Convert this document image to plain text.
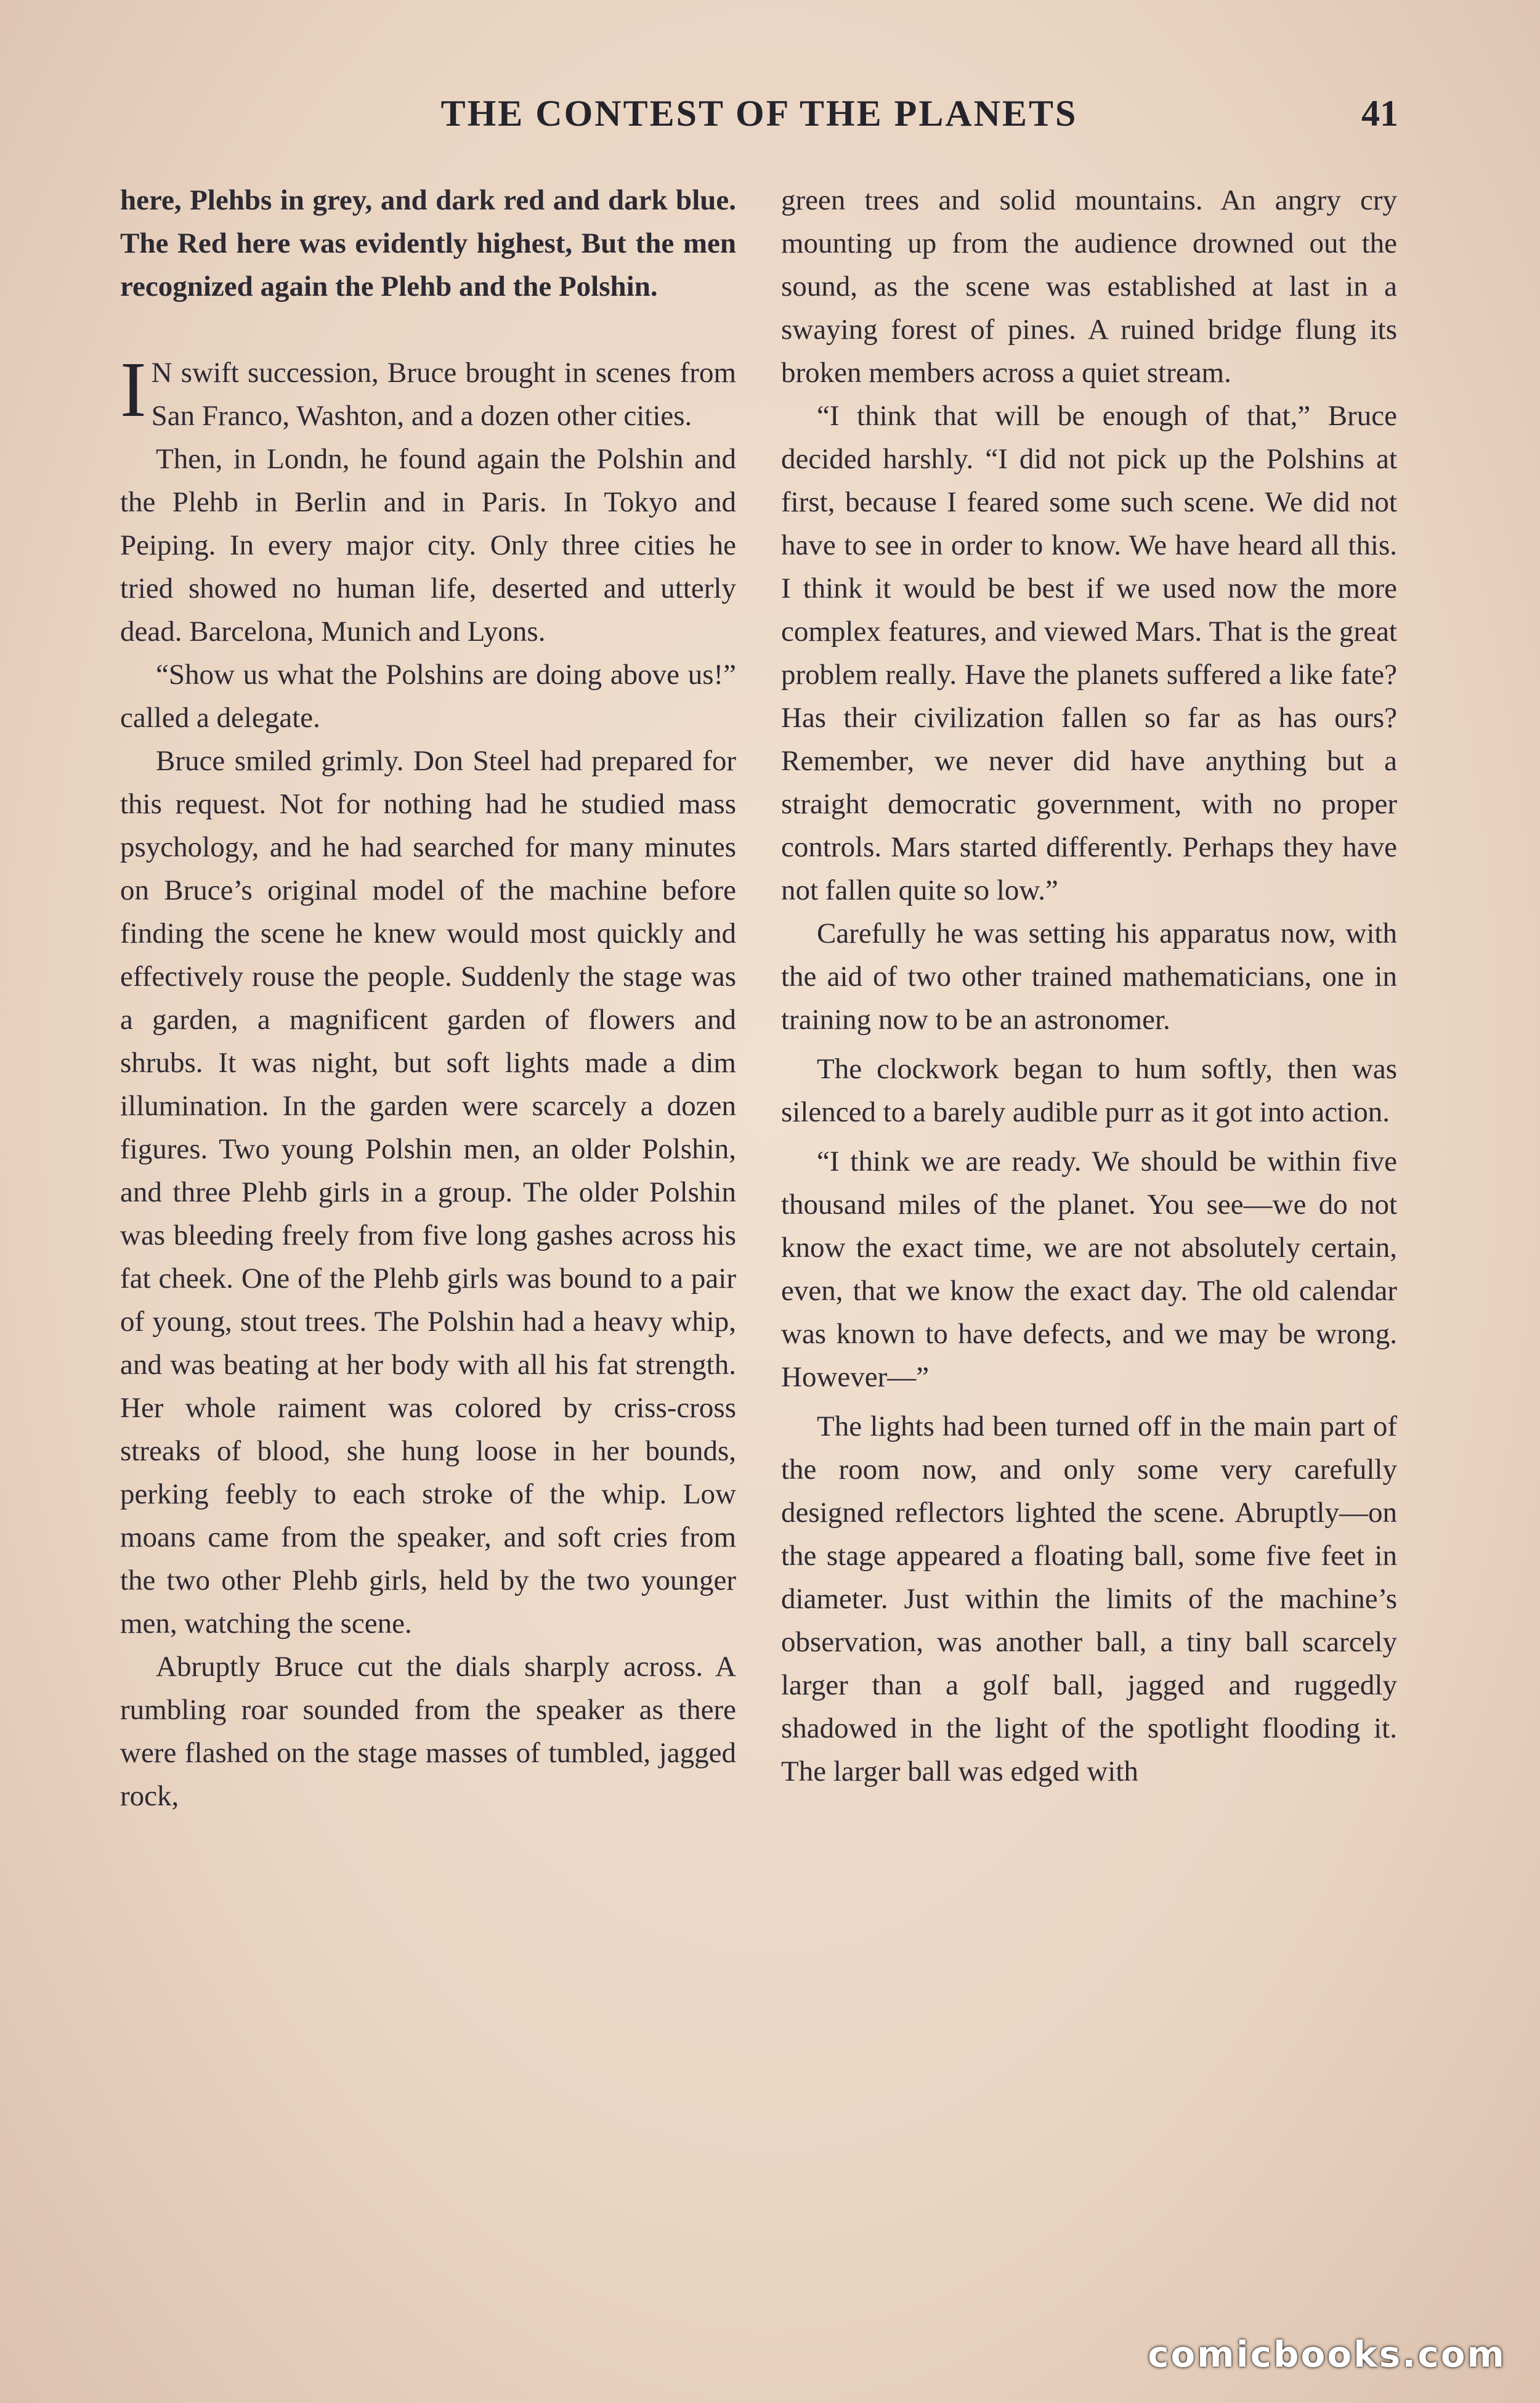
THE CONTEST OF THE PLANETS	41

here, Plehbs in grey, and dark red and dark blue. The Red here was evidently highest, But the men recognized again the Plehb and the Polshin.

I N swift succession, Bruce brought in scenes from San Franco, Washton, and a dozen other cities.

Then, in Londn, he found again the Polshin and the Plehb in Berlin and in Paris. In Tokyo and Peiping. In every major city. Only three cities he tried showed no human life, deserted and utterly dead. Barcelona, Munich and Lyons.

“Show us what the Polshins are doing above us!” called a delegate.

Bruce smiled grimly. Don Steel had prepared for this request. Not for nothing had he studied mass psychology, and he had searched for many minutes on Bruce’s original model of the machine before finding the scene he knew would most quickly and effectively rouse the people. Suddenly the stage was a garden, a magnificent garden of flowers and shrubs. It was night, but soft lights made a dim illumination. In the garden were scarcely a dozen figures. Two young Polshin men, an older Polshin, and three Plehb girls in a group. The older Polshin was bleeding freely from five long gashes across his fat cheek. One of the Plehb girls was bound to a pair of young, stout trees. The Polshin had a heavy whip, and was beating at her body with all his fat strength. Her whole raiment was colored by criss-cross streaks of blood, she hung loose in her bounds, perking feebly to each stroke of the whip. Low moans came from the speaker, and soft cries from the two other Plehb girls, held by the two younger men, watching the scene.

Abruptly Bruce cut the dials sharply across. A rumbling roar sounded from the speaker as there were flashed on the stage masses of tumbled, jagged rock,

green trees and solid mountains. An angry cry mounting up from the audience drowned out the sound, as the scene was established at last in a swaying forest of pines. A ruined bridge flung its broken members across a quiet stream.

“I think that will be enough of that,” Bruce decided harshly. “I did not pick up the Polshins at first, because I feared some such scene. We did not have to see in order to know. We have heard all this. I think it would be best if we used now the more complex features, and viewed Mars. That is the great problem really. Have the planets suffered a like fate? Has their civilization fallen so far as has ours? Remember, we never did have anything but a straight democratic government, with no proper controls. Mars started differently. Perhaps they have not fallen quite so low.”

Carefully he was setting his apparatus now, with the aid of two other trained mathematicians, one in training now to be an astronomer.

The clockwork began to hum softly, then was silenced to a barely audible purr as it got into action.

“I think we are ready. We should be within five thousand miles of the planet. You see—we do not know the exact time, we are not absolutely certain, even, that we know the exact day. The old calendar was known to have defects, and we may be wrong. However—”

The lights had been turned off in the main part of the room now, and only some very carefully designed reflectors lighted the scene. Abruptly—on the stage appeared a floating ball, some five feet in diameter. Just within the limits of the machine’s observation, was another ball, a tiny ball scarcely larger than a golf ball, jagged and ruggedly shadowed in the light of the spotlight flooding it. The larger ball was edged with

comicbooks.com
